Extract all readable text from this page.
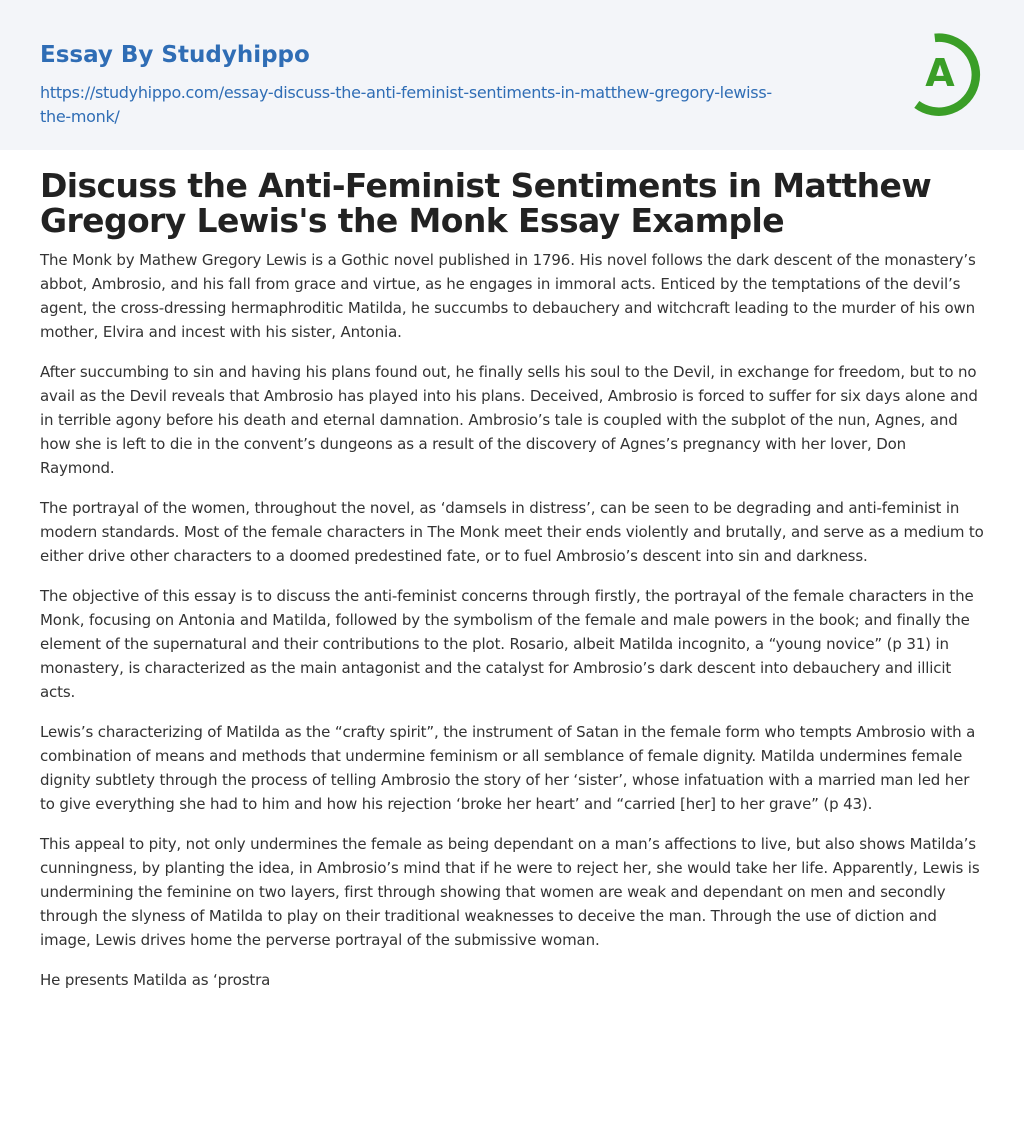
Essay By Studyhippo
https://studyhippo.com/essay-discuss-the-anti-feminist-sentiments-in-matthew-gregory-lewiss-the-monk/
A
Discuss the Anti-Feminist Sentiments in Matthew Gregory Lewis's the Monk Essay Example

The Monk by Mathew Gregory Lewis is a Gothic novel published in 1796. His novel follows the dark descent of the monastery’s abbot, Ambrosio, and his fall from grace and virtue, as he engages in immoral acts. Enticed by the temptations of the devil’s agent, the cross-dressing hermaphroditic Matilda, he succumbs to debauchery and witchcraft leading to the murder of his own mother, Elvira and incest with his sister, Antonia.

After succumbing to sin and having his plans found out, he finally sells his soul to the Devil, in exchange for freedom, but to no avail as the Devil reveals that Ambrosio has played into his plans. Deceived, Ambrosio is forced to suffer for six days alone and in terrible agony before his death and eternal damnation. Ambrosio’s tale is coupled with the subplot of the nun, Agnes, and how she is left to die in the convent’s dungeons as a result of the discovery of Agnes’s pregnancy with her lover, Don Raymond.

The portrayal of the women, throughout the novel, as ‘damsels in distress’, can be seen to be degrading and anti-feminist in modern standards. Most of the female characters in The Monk meet their ends violently and brutally, and serve as a medium to either drive other characters to a doomed predestined fate, or to fuel Ambrosio’s descent into sin and darkness.

The objective of this essay is to discuss the anti-feminist concerns through firstly, the portrayal of the female characters in the Monk, focusing on Antonia and Matilda, followed by the symbolism of the female and male powers in the book; and finally the element of the supernatural and their contributions to the plot. Rosario, albeit Matilda incognito, a “young novice” (p 31) in monastery, is characterized as the main antagonist and the catalyst for Ambrosio’s dark descent into debauchery and illicit acts.

Lewis’s characterizing of Matilda as the “crafty spirit”, the instrument of Satan in the female form who tempts Ambrosio with a combination of means and methods that undermine feminism or all semblance of female dignity. Matilda undermines female dignity subtlety through the process of telling Ambrosio the story of her ‘sister’, whose infatuation with a married man led her to give everything she had to him and how his rejection ‘broke her heart’ and “carried [her] to her grave” (p 43).

This appeal to pity, not only undermines the female as being dependant on a man’s affections to live, but also shows Matilda’s cunningness, by planting the idea, in Ambrosio’s mind that if he were to reject her, she would take her life. Apparently, Lewis is undermining the feminine on two layers, first through showing that women are weak and dependant on men and secondly through the slyness of Matilda to play on their traditional weaknesses to deceive the man. Through the use of diction and image, Lewis drives home the perverse portrayal of the submissive woman.

He presents Matilda as ‘prostra
